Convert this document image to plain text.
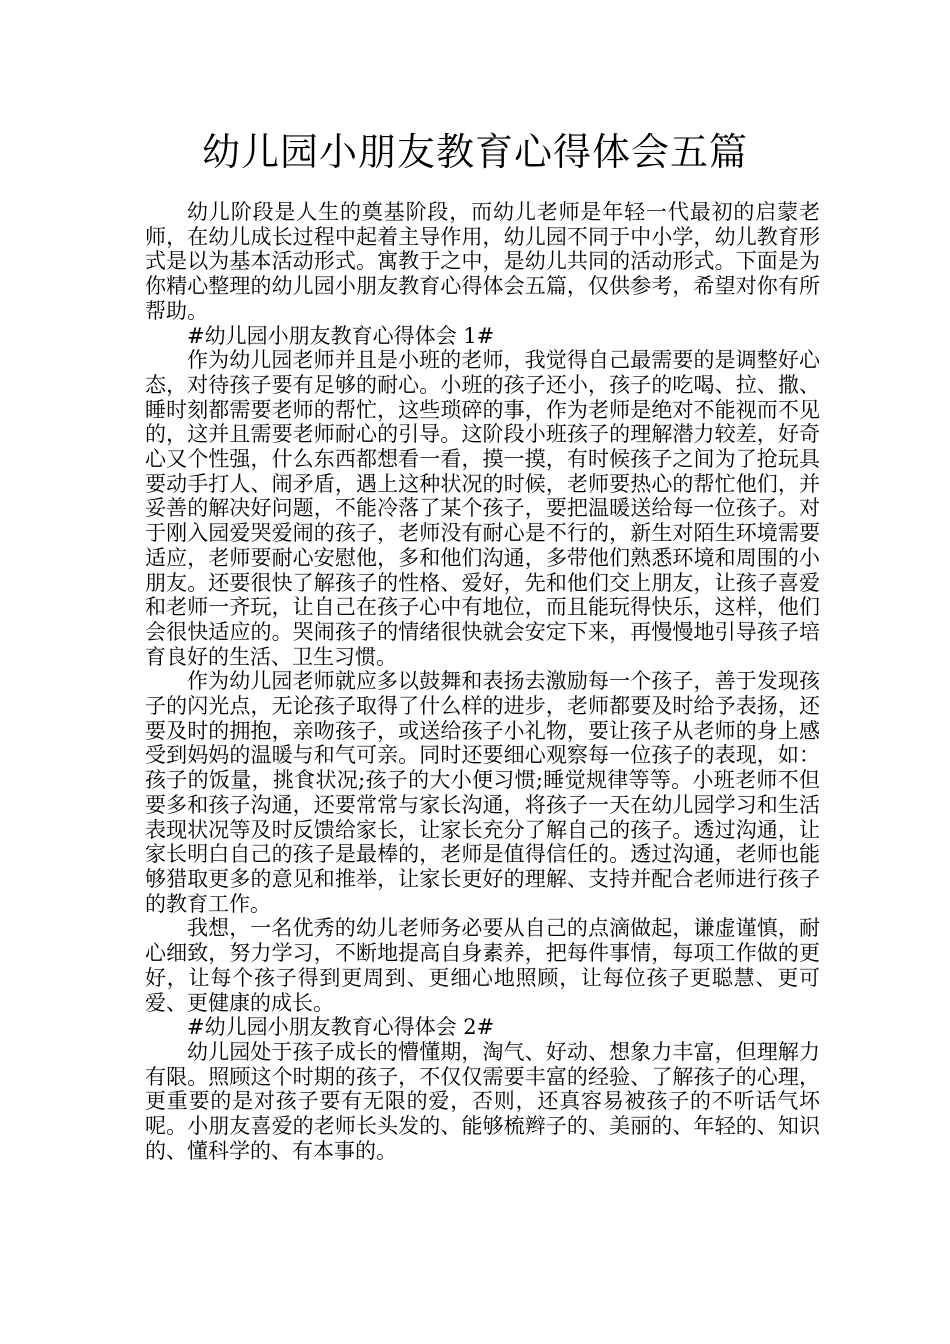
幼儿园小朋友教育心得体会五篇

幼儿阶段是人生的奠基阶段，而幼儿老师是年轻一代最初的启蒙老师，在幼儿成长过程中起着主导作用，幼儿园不同于中小学，幼儿教育形式是以为基本活动形式。寓教于之中，是幼儿共同的活动形式。下面是为你精心整理的幼儿园小朋友教育心得体会五篇，仅供参考，希望对你有所帮助。

#幼儿园小朋友教育心得体会 1#

作为幼儿园老师并且是小班的老师，我觉得自己最需要的是调整好心态，对待孩子要有足够的耐心。小班的孩子还小，孩子的吃喝、拉、撒、睡时刻都需要老师的帮忙，这些琐碎的事，作为老师是绝对不能视而不见的，这并且需要老师耐心的引导。这阶段小班孩子的理解潜力较差，好奇心又个性强，什么东西都想看一看，摸一摸，有时候孩子之间为了抢玩具要动手打人、闹矛盾，遇上这种状况的时候，老师要热心的帮忙他们，并妥善的解决好问题，不能冷落了某个孩子，要把温暖送给每一位孩子。对于刚入园爱哭爱闹的孩子，老师没有耐心是不行的，新生对陌生环境需要适应，老师要耐心安慰他，多和他们沟通，多带他们熟悉环境和周围的小朋友。还要很快了解孩子的性格、爱好，先和他们交上朋友，让孩子喜爱和老师一齐玩，让自己在孩子心中有地位，而且能玩得快乐，这样，他们会很快适应的。哭闹孩子的情绪很快就会安定下来，再慢慢地引导孩子培育良好的生活、卫生习惯。

作为幼儿园老师就应多以鼓舞和表扬去激励每一个孩子，善于发现孩子的闪光点，无论孩子取得了什么样的进步，老师都要及时给予表扬，还要及时的拥抱，亲吻孩子，或送给孩子小礼物，要让孩子从老师的身上感受到妈妈的温暖与和气可亲。同时还要细心观察每一位孩子的表现，如：孩子的饭量，挑食状况;孩子的大小便习惯;睡觉规律等等。小班老师不但要多和孩子沟通，还要常常与家长沟通，将孩子一天在幼儿园学习和生活表现状况等及时反馈给家长，让家长充分了解自己的孩子。透过沟通，让家长明白自己的孩子是最棒的，老师是值得信任的。透过沟通，老师也能够猎取更多的意见和推举，让家长更好的理解、支持并配合老师进行孩子的教育工作。

我想，一名优秀的幼儿老师务必要从自己的点滴做起，谦虚谨慎，耐心细致，努力学习，不断地提高自身素养，把每件事情，每项工作做的更好，让每个孩子得到更周到、更细心地照顾，让每位孩子更聪慧、更可爱、更健康的成长。

#幼儿园小朋友教育心得体会 2#

幼儿园处于孩子成长的懵懂期，淘气、好动、想象力丰富，但理解力有限。照顾这个时期的孩子，不仅仅需要丰富的经验、了解孩子的心理，更重要的是对孩子要有无限的爱，否则，还真容易被孩子的不听话气坏呢。小朋友喜爱的老师长头发的、能够梳辫子的、美丽的、年轻的、知识的、懂科学的、有本事的。
